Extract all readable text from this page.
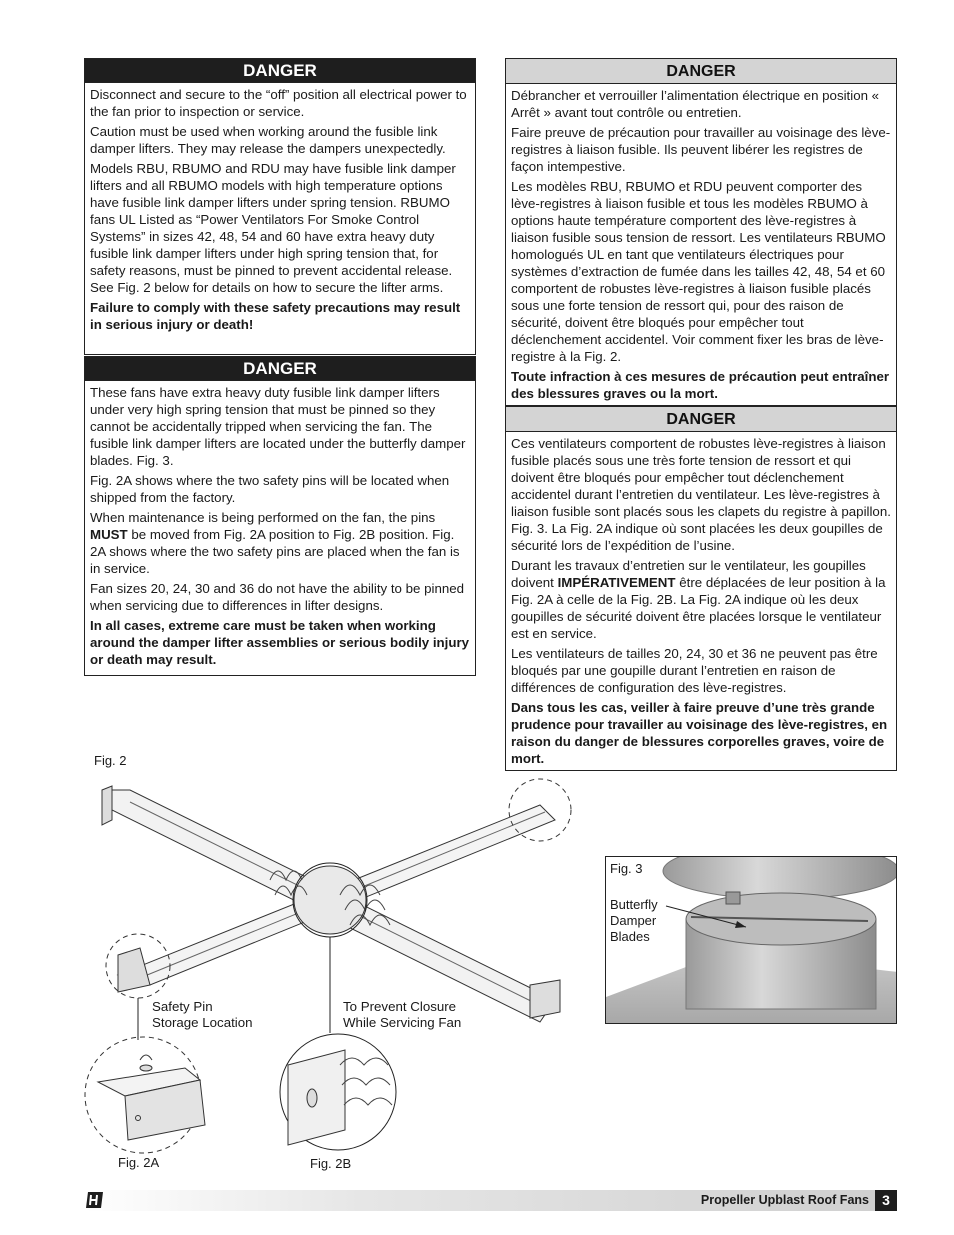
DANGER

Disconnect and secure to the “off” position all electrical power to the fan prior to inspection or service.

Caution must be used when working around the fusible link damper lifters. They may release the dampers unexpectedly.

Models RBU, RBUMO and RDU may have fusible link damper lifters and all RBUMO models with high temperature options have fusible link damper lifters under spring tension. RBUMO fans UL Listed as “Power Ventilators For Smoke Control Systems” in sizes 42, 48, 54 and 60 have extra heavy duty fusible link damper lifters under high spring tension that, for safety reasons, must be pinned to prevent accidental release. See Fig. 2 below for details on how to secure the lifter arms.

Failure to comply with these safety precautions may result in serious injury or death!

DANGER

These fans have extra heavy duty fusible link damper lifters under very high spring tension that must be pinned so they cannot be accidentally tripped when servicing the fan. The fusible link damper lifters are located under the butterfly damper blades. Fig. 3.

Fig. 2A shows where the two safety pins will be located when shipped from the factory.

When maintenance is being performed on the fan, the pins MUST be moved from Fig. 2A position to Fig. 2B position. Fig. 2A shows where the two safety pins are placed when the fan is in service.

Fan sizes 20, 24, 30 and 36 do not have the ability to be pinned when servicing due to differences in lifter designs.

In all cases, extreme care must be taken when working around the damper lifter assemblies or serious bodily injury or death may result.

DANGER

Débrancher et verrouiller l’alimentation électrique en position « Arrêt » avant tout contrôle ou entretien.

Faire preuve de précaution pour travailler au voisinage des lève-registres à liaison fusible. Ils peuvent libérer les registres de façon intempestive.

Les modèles RBU, RBUMO et RDU peuvent comporter des lève-registres à liaison fusible et tous les modèles RBUMO à options haute température comportent des lève-registres à liaison fusible sous tension de ressort. Les ventilateurs RBUMO homologués UL en tant que ventilateurs électriques pour systèmes d’extraction de fumée dans les tailles 42, 48, 54 et 60 comportent de robustes lève-registres à liaison fusible placés sous une forte tension de ressort qui, pour des raison de sécurité, doivent être bloqués pour empêcher tout déclenchement accidentel. Voir comment fixer les bras de lève-registre à la Fig. 2.

Toute infraction à ces mesures de précaution peut entraîner des blessures graves ou la mort.

DANGER

Ces ventilateurs comportent de robustes lève-registres à liaison fusible placés sous une très forte tension de ressort et qui doivent être bloqués pour empêcher tout déclenchement accidentel durant l’entretien du ventilateur. Les lève-registres à liaison fusible sont placés sous les clapets du registre à papillon. Fig. 3. La Fig. 2A indique où sont placées les deux goupilles de sécurité lors de l’expédition de l’usine.

Durant les travaux d’entretien sur le ventilateur, les goupilles doivent IMPÉRATIVEMENT être déplacées de leur position à la Fig. 2A à celle de la Fig. 2B. La Fig. 2A indique où les deux goupilles de sécurité doivent être placées lorsque le ventilateur est en service.

Les ventilateurs de tailles 20, 24, 30 et 36 ne peuvent pas être bloqués par une goupille durant l’entretien en raison de différences de configuration des lève-registres.

Dans tous les cas, veiller à faire preuve d’une très grande prudence pour travailler au voisinage des lève-registres, en raison du danger de blessures corporelles graves, voire de mort.

Fig. 2
Safety Pin
Storage Location
To Prevent Closure
While Servicing Fan
Fig. 2A	Fig. 2B
Fig. 3
Butterfly
Damper
Blades
Propeller Upblast Roof Fans 3
